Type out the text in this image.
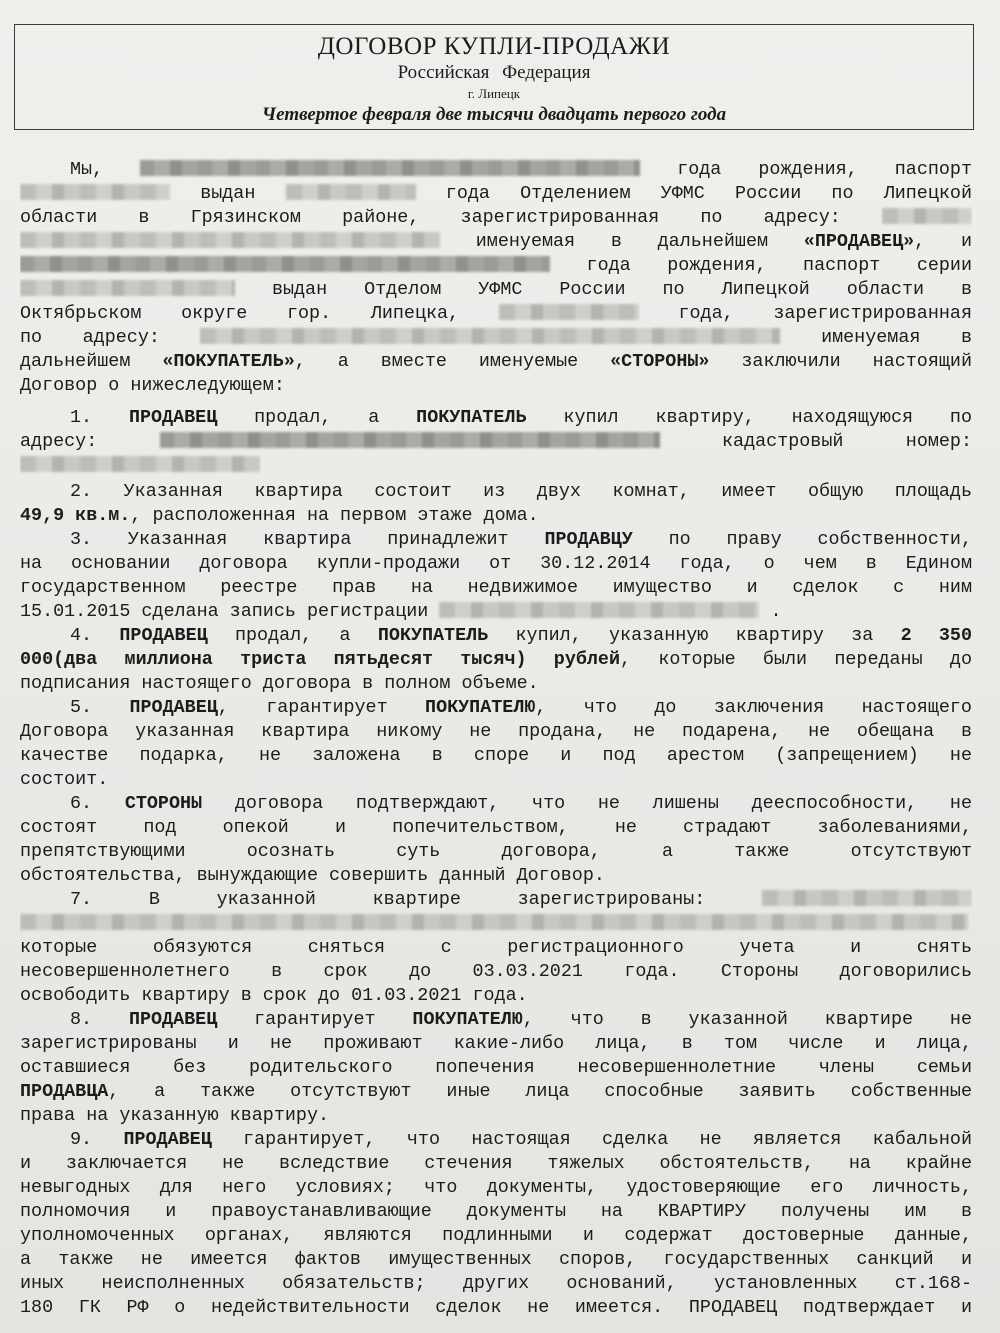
ДОГОВОР КУПЛИ-ПРОДАЖИ
Российская Федерация
г. Липецк
Четвертое февраля две тысячи двадцать первого года
Мы,	года рождения, паспорт
выдан	года Отделением УФМС России по Липецкой
области в Грязинском районе, зарегистрированная по адресу:
именуемая в дальнейшем «ПРОДАВЕЦ», и
года рождения, паспорт серии
выдан Отделом УФМС России по Липецкой области в
Октябрьском округе гор. Липецка,	года, зарегистрированная
по адресу:	именуемая в
дальнейшем «ПОКУПАТЕЛЬ», а вместе именуемые «СТОРОНЫ» заключили настоящий
Договор о нижеследующем:
1. ПРОДАВЕЦ продал, а ПОКУПАТЕЛЬ купил квартиру, находящуюся по
адресу:	кадастровый номер:
2. Указанная квартира состоит из двух комнат, имеет общую площадь
49,9 кв.м., расположенная на первом этаже дома.
3. Указанная квартира принадлежит ПРОДАВЦУ по праву собственности,
на основании договора купли-продажи от 30.12.2014 года, о чем в Едином
государственном реестре прав на недвижимое имущество и сделок с ним
15.01.2015 сделана запись регистрации	.
4. ПРОДАВЕЦ продал, а ПОКУПАТЕЛЬ купил, указанную квартиру за 2 350
000(два миллиона триста пятьдесят тысяч) рублей, которые были переданы до
подписания настоящего договора в полном объеме.
5. ПРОДАВЕЦ, гарантирует ПОКУПАТЕЛЮ, что до заключения настоящего
Договора указанная квартира никому не продана, не подарена, не обещана в
качестве подарка, не заложена в споре и под арестом (запрещением) не
состоит.
6. СТОРОНЫ договора подтверждают, что не лишены дееспособности, не
состоят под опекой и попечительством, не страдают заболеваниями,
препятствующими осознать суть договора, а также отсутствуют
обстоятельства, вынуждающие совершить данный Договор.
7.	В указанной квартире зарегистрированы:
которые обязуются сняться с регистрационного учета и снять
несовершеннолетнего в срок до 03.03.2021 года. Стороны договорились
освободить квартиру в срок до 01.03.2021 года.
8. ПРОДАВЕЦ гарантирует ПОКУПАТЕЛЮ, что в указанной квартире не
зарегистрированы и не проживают какие-либо лица, в том числе и лица,
оставшиеся без родительского попечения несовершеннолетние члены семьи
ПРОДАВЦА, а также отсутствуют иные лица способные заявить собственные
права на указанную квартиру.
9. ПРОДАВЕЦ гарантирует, что настоящая сделка не является кабальной
и заключается не вследствие стечения тяжелых обстоятельств, на крайне
невыгодных для него условиях; что документы, удостоверяющие его личность,
полномочия и правоустанавливающие документы на КВАРТИРУ получены им в
уполномоченных органах, являются подлинными и содержат достоверные данные,
а также не имеется фактов имущественных споров, государственных санкций и
иных неисполненных обязательств; других оснований, установленных ст.168-
180 ГК РФ о недействительности сделок не имеется. ПРОДАВЕЦ подтверждает и
